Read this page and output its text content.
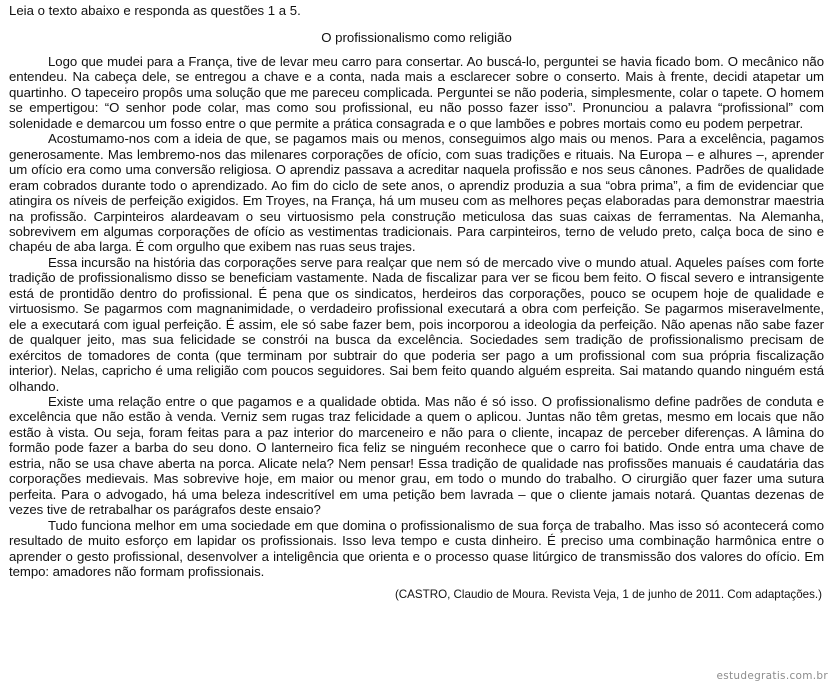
Leia o texto abaixo e responda as questões 1 a 5.

O profissionalismo como religião

Logo que mudei para a França, tive de levar meu carro para consertar. Ao buscá-lo, perguntei se havia ficado bom. O mecânico não entendeu. Na cabeça dele, se entregou a chave e a conta, nada mais a esclarecer sobre o conserto. Mais à frente, decidi atapetar um quartinho. O tapeceiro propôs uma solução que me pareceu complicada. Perguntei se não poderia, simplesmente, colar o tapete. O homem se empertigou: “O senhor pode colar, mas como sou profissional, eu não posso fazer isso”. Pronunciou a palavra “profissional” com solenidade e demarcou um fosso entre o que permite a prática consagrada e o que lambões e pobres mortais como eu podem perpetrar.

Acostumamo-nos com a ideia de que, se pagamos mais ou menos, conseguimos algo mais ou menos. Para a excelência, pagamos generosamente. Mas lembremo-nos das milenares corporações de ofício, com suas tradições e rituais. Na Europa – e alhures –, aprender um ofício era como uma conversão religiosa. O aprendiz passava a acreditar naquela profissão e nos seus cânones. Padrões de qualidade eram cobrados durante todo o aprendizado. Ao fim do ciclo de sete anos, o aprendiz produzia a sua “obra prima”, a fim de evidenciar que atingira os níveis de perfeição exigidos. Em Troyes, na França, há um museu com as melhores peças elaboradas para demonstrar maestria na profissão. Carpinteiros alardeavam o seu virtuosismo pela construção meticulosa das suas caixas de ferramentas. Na Alemanha, sobrevivem em algumas corporações de ofício as vestimentas tradicionais. Para carpinteiros, terno de veludo preto, calça boca de sino e chapéu de aba larga. É com orgulho que exibem nas ruas seus trajes.

Essa incursão na história das corporações serve para realçar que nem só de mercado vive o mundo atual. Aqueles países com forte tradição de profissionalismo disso se beneficiam vastamente. Nada de fiscalizar para ver se ficou bem feito. O fiscal severo e intransigente está de prontidão dentro do profissional. É pena que os sindicatos, herdeiros das corporações, pouco se ocupem hoje de qualidade e virtuosismo. Se pagarmos com magnanimidade, o verdadeiro profissional executará a obra com perfeição. Se pagarmos miseravelmente, ele a executará com igual perfeição. É assim, ele só sabe fazer bem, pois incorporou a ideologia da perfeição. Não apenas não sabe fazer de qualquer jeito, mas sua felicidade se constrói na busca da excelência. Sociedades sem tradição de profissionalismo precisam de exércitos de tomadores de conta (que terminam por subtrair do que poderia ser pago a um profissional com sua própria fiscalização interior). Nelas, capricho é uma religião com poucos seguidores. Sai bem feito quando alguém espreita. Sai matando quando ninguém está olhando.

Existe uma relação entre o que pagamos e a qualidade obtida. Mas não é só isso. O profissionalismo define padrões de conduta e excelência que não estão à venda. Verniz sem rugas traz felicidade a quem o aplicou. Juntas não têm gretas, mesmo em locais que não estão à vista. Ou seja, foram feitas para a paz interior do marceneiro e não para o cliente, incapaz de perceber diferenças. A lâmina do formão pode fazer a barba do seu dono. O lanterneiro fica feliz se ninguém reconhece que o carro foi batido. Onde entra uma chave de estria, não se usa chave aberta na porca. Alicate nela? Nem pensar! Essa tradição de qualidade nas profissões manuais é caudatária das corporações medievais. Mas sobrevive hoje, em maior ou menor grau, em todo o mundo do trabalho. O cirurgião quer fazer uma sutura perfeita. Para o advogado, há uma beleza indescritível em uma petição bem lavrada – que o cliente jamais notará. Quantas dezenas de vezes tive de retrabalhar os parágrafos deste ensaio?

Tudo funciona melhor em uma sociedade em que domina o profissionalismo de sua força de trabalho. Mas isso só acontecerá como resultado de muito esforço em lapidar os profissionais. Isso leva tempo e custa dinheiro. É preciso uma combinação harmônica entre o aprender o gesto profissional, desenvolver a inteligência que orienta e o processo quase litúrgico de transmissão dos valores do ofício. Em tempo: amadores não formam profissionais.

(CASTRO, Claudio de Moura. Revista Veja, 1 de junho de 2011. Com adaptações.)

estudegratis.com.br
